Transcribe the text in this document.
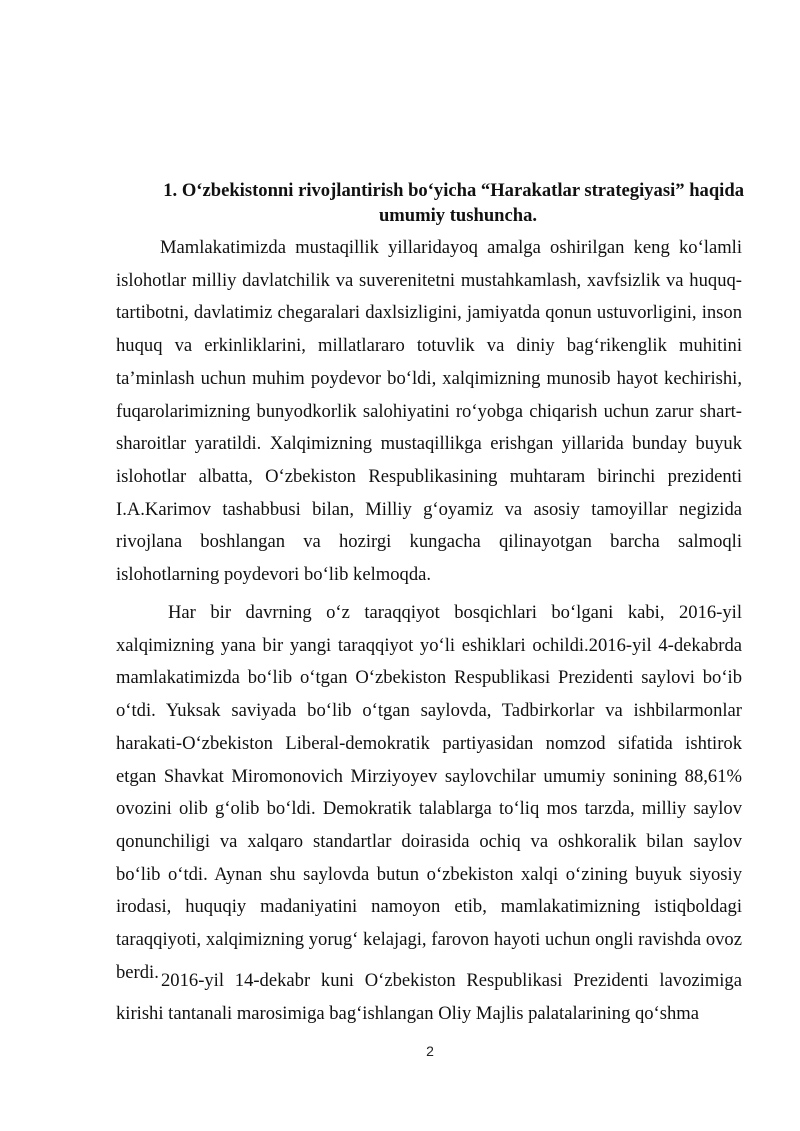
1. O‘zbekistonni rivojlantirish bo‘yicha “Harakatlar strategiyasi” haqida
umumiy tushuncha.

Mamlakatimizda mustaqillik yillaridayoq amalga oshirilgan keng ko‘lamli islohotlar milliy davlatchilik va suverenitetni mustahkamlash, xavfsizlik va huquq-tartibotni, davlatimiz chegaralari daxlsizligini, jamiyatda qonun ustuvorligini, inson huquq va erkinliklarini, millatlararo totuvlik va diniy bag‘rikenglik muhitini ta’minlash uchun muhim poydevor bo‘ldi, xalqimizning munosib hayot kechirishi, fuqarolarimizning bunyodkorlik salohiyatini ro‘yobga chiqarish uchun zarur shart-sharoitlar yaratildi. Xalqimizning mustaqillikga erishgan yillarida bunday buyuk islohotlar albatta, O‘zbekiston Respublikasining muhtaram birinchi prezidenti I.A.Karimov tashabbusi bilan, Milliy g‘oyamiz va asosiy tamoyillar negizida rivojlana boshlangan va hozirgi kungacha qilinayotgan barcha salmoqli islohotlarning poydevori bo‘lib kelmoqda.

Har bir davrning o‘z taraqqiyot bosqichlari bo‘lgani kabi, 2016-yil xalqimizning yana bir yangi taraqqiyot yo‘li eshiklari ochildi.2016-yil 4-dekabrda mamlakatimizda bo‘lib o‘tgan O‘zbekiston Respublikasi Prezidenti saylovi bo‘ib o‘tdi. Yuksak saviyada bo‘lib o‘tgan saylovda, Tadbirkorlar va ishbilarmonlar harakati-O‘zbekiston Liberal-demokratik partiyasidan nomzod sifatida ishtirok etgan Shavkat Miromonovich Mirziyoyev saylovchilar umumiy sonining 88,61% ovozini olib g‘olib bo‘ldi. Demokratik talablarga to‘liq mos tarzda, milliy saylov qonunchiligi va xalqaro standartlar doirasida ochiq va oshkoralik bilan saylov bo‘lib o‘tdi. Aynan shu saylovda butun o‘zbekiston xalqi o‘zining buyuk siyosiy irodasi, huquqiy madaniyatini namoyon etib, mamlakatimizning istiqboldagi taraqqiyoti, xalqimizning yorug‘ kelajagi, farovon hayoti uchun ongli ravishda ovoz berdi. 2016-yil 14-dekabr kuni O‘zbekiston Respublikasi Prezidenti lavozimiga kirishi tantanali marosimiga bag‘ishlangan Oliy Majlis palatalarining qo‘shma

2
